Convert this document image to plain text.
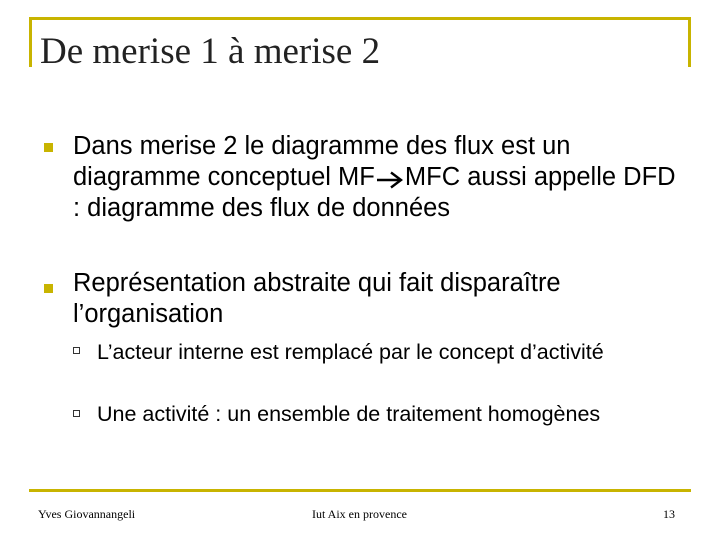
De merise 1 à merise 2
Dans merise 2 le diagramme des flux est un diagramme conceptuel MF MFC aussi appelle DFD : diagramme des flux de données
Représentation abstraite qui fait disparaître l’organisation
L’acteur interne est remplacé par le concept d’activité
Une activité : un ensemble de traitement homogènes
Yves Giovannangeli	Iut Aix en provence	13
